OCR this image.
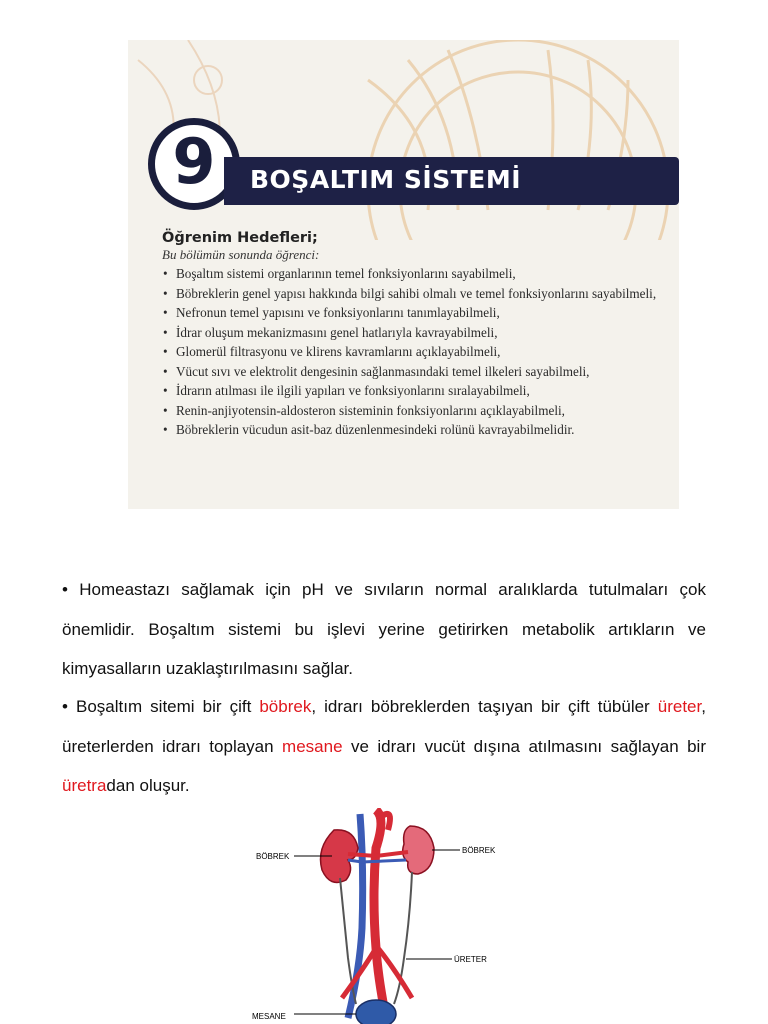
9 BOŞALTIM SİSTEMİ

Öğrenim Hedefleri;

Bu bölümün sonunda öğrenci:

• Boşaltım sistemi organlarının temel fonksiyonlarını sayabilmeli,
• Böbreklerin genel yapısı hakkında bilgi sahibi olmalı ve temel fonksiyonlarını sayabilmeli,
• Nefronun temel yapısını ve fonksiyonlarını tanımlayabilmeli,
• İdrar oluşum mekanizmasını genel hatlarıyla kavrayabilmeli,
• Glomerül filtrasyonu ve klirens kavramlarını açıklayabilmeli,
• Vücut sıvı ve elektrolit dengesinin sağlanmasındaki temel ilkeleri sayabilmeli,
• İdrarın atılması ile ilgili yapıları ve fonksiyonlarını sıralayabilmeli,
• Renin-anjiyotensin-aldosteron sisteminin fonksiyonlarını açıklayabilmeli,
• Böbreklerin vücudun asit-baz düzenlenmesindeki rolünü kavrayabilmelidir.

• Homeastazı sağlamak için pH ve sıvıların normal aralıklarda tutulmaları çok önemlidir. Boşaltım sistemi bu işlevi yerine getirirken metabolik artıkların ve kimyasalların uzaklaştırılmasını sağlar.

• Boşaltım sitemi bir çift böbrek, idrarı böbreklerden taşıyan bir çift tübüler üreter, üreterlerden idrarı toplayan mesane ve idrarı vucüt dışına atılmasını sağlayan bir üretradan oluşur.

BÖBREK
BÖBREK
ÜRETER
MESANE
